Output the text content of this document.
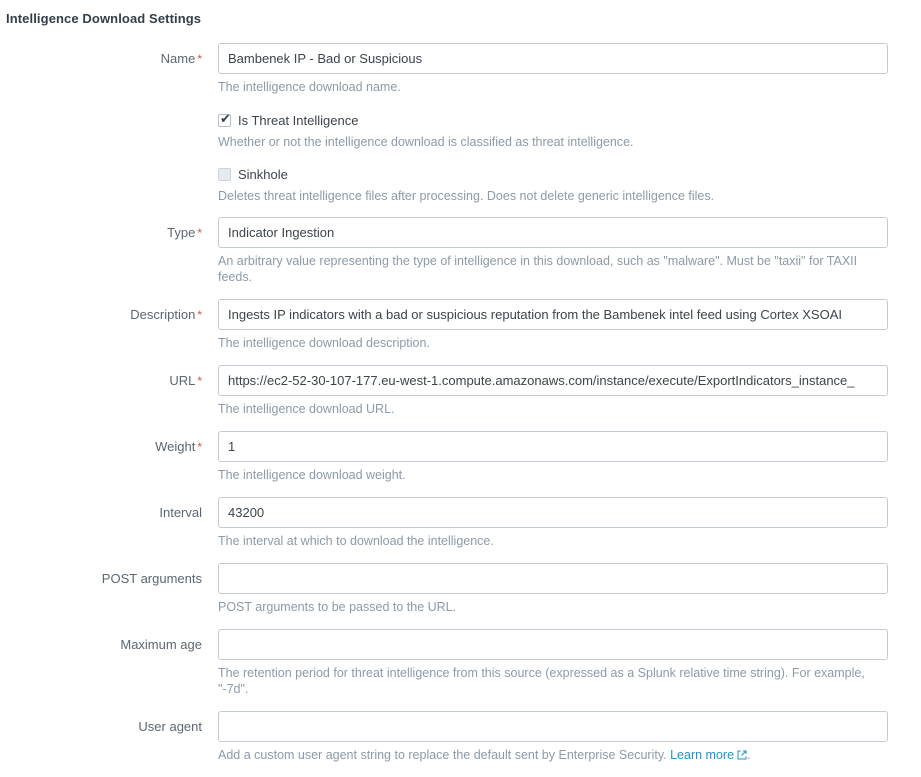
Intelligence Download Settings
Name *
Bambenek IP - Bad or Suspicious
The intelligence download name.
✔ Is Threat Intelligence
Whether or not the intelligence download is classified as threat intelligence.
Sinkhole
Deletes threat intelligence files after processing. Does not delete generic intelligence files.
Type *
Indicator Ingestion
An arbitrary value representing the type of intelligence in this download, such as "malware". Must be "taxii" for TAXII feeds.
Description *
Ingests IP indicators with a bad or suspicious reputation from the Bambenek intel feed using Cortex XSOAI
The intelligence download description.
URL *
https://ec2-52-30-107-177.eu-west-1.compute.amazonaws.com/instance/execute/ExportIndicators_instance_
The intelligence download URL.
Weight *
1
The intelligence download weight.
Interval
43200
The interval at which to download the intelligence.
POST arguments
POST arguments to be passed to the URL.
Maximum age
The retention period for threat intelligence from this source (expressed as a Splunk relative time string). For example, "-7d".
User agent
Add a custom user agent string to replace the default sent by Enterprise Security. Learn more .
